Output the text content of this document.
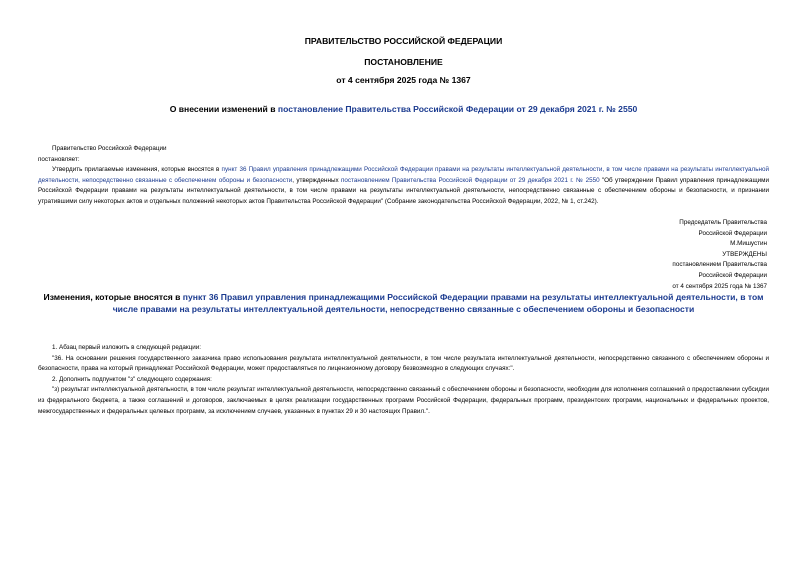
ПРАВИТЕЛЬСТВО РОССИЙСКОЙ ФЕДЕРАЦИИ
ПОСТАНОВЛЕНИЕ
от 4 сентября 2025 года № 1367
О внесении изменений в постановление Правительства Российской Федерации от 29 декабря 2021 г. № 2550
Правительство Российской Федерации
постановляет:
Утвердить прилагаемые изменения, которые вносятся в пункт 36 Правил управления принадлежащими Российской Федерации правами на результаты интеллектуальной деятельности, в том числе правами на результаты интеллектуальной деятельности, непосредственно связанные с обеспечением обороны и безопасности, утвержденных постановлением Правительства Российской Федерации от 29 декабря 2021 г. № 2550 "Об утверждении Правил управления принадлежащими Российской Федерации правами на результаты интеллектуальной деятельности, в том числе правами на результаты интеллектуальной деятельности, непосредственно связанные с обеспечением обороны и безопасности, и признании утратившими силу некоторых актов и отдельных положений некоторых актов Правительства Российской Федерации" (Собрание законодательства Российской Федерации, 2022, № 1, ст.242).
Председатель Правительства
Российской Федерации
М.Мишустин
УТВЕРЖДЕНЫ
постановлением Правительства
Российской Федерации
от 4 сентября 2025 года № 1367
Изменения, которые вносятся в пункт 36 Правил управления принадлежащими Российской Федерации правами на результаты интеллектуальной деятельности, в том числе правами на результаты интеллектуальной деятельности, непосредственно связанные с обеспечением обороны и безопасности
1. Абзац первый изложить в следующей редакции:
"36. На основании решения государственного заказчика право использования результата интеллектуальной деятельности, в том числе результата интеллектуальной деятельности, непосредственно связанного с обеспечением обороны и безопасности, права на который принадлежат Российской Федерации, может предоставляться по лицензионному договору безвозмездно в следующих случаях:".
2. Дополнить подпунктом "з" следующего содержания:
"з) результат интеллектуальной деятельности, в том числе результат интеллектуальной деятельности, непосредственно связанный с обеспечением обороны и безопасности, необходим для исполнения соглашений о предоставлении субсидии из федерального бюджета, а также соглашений и договоров, заключаемых в целях реализации государственных программ Российской Федерации, федеральных программ, президентских программ, национальных и федеральных проектов, межгосударственных и федеральных целевых программ, за исключением случаев, указанных в пунктах 29 и 30 настоящих Правил.".
